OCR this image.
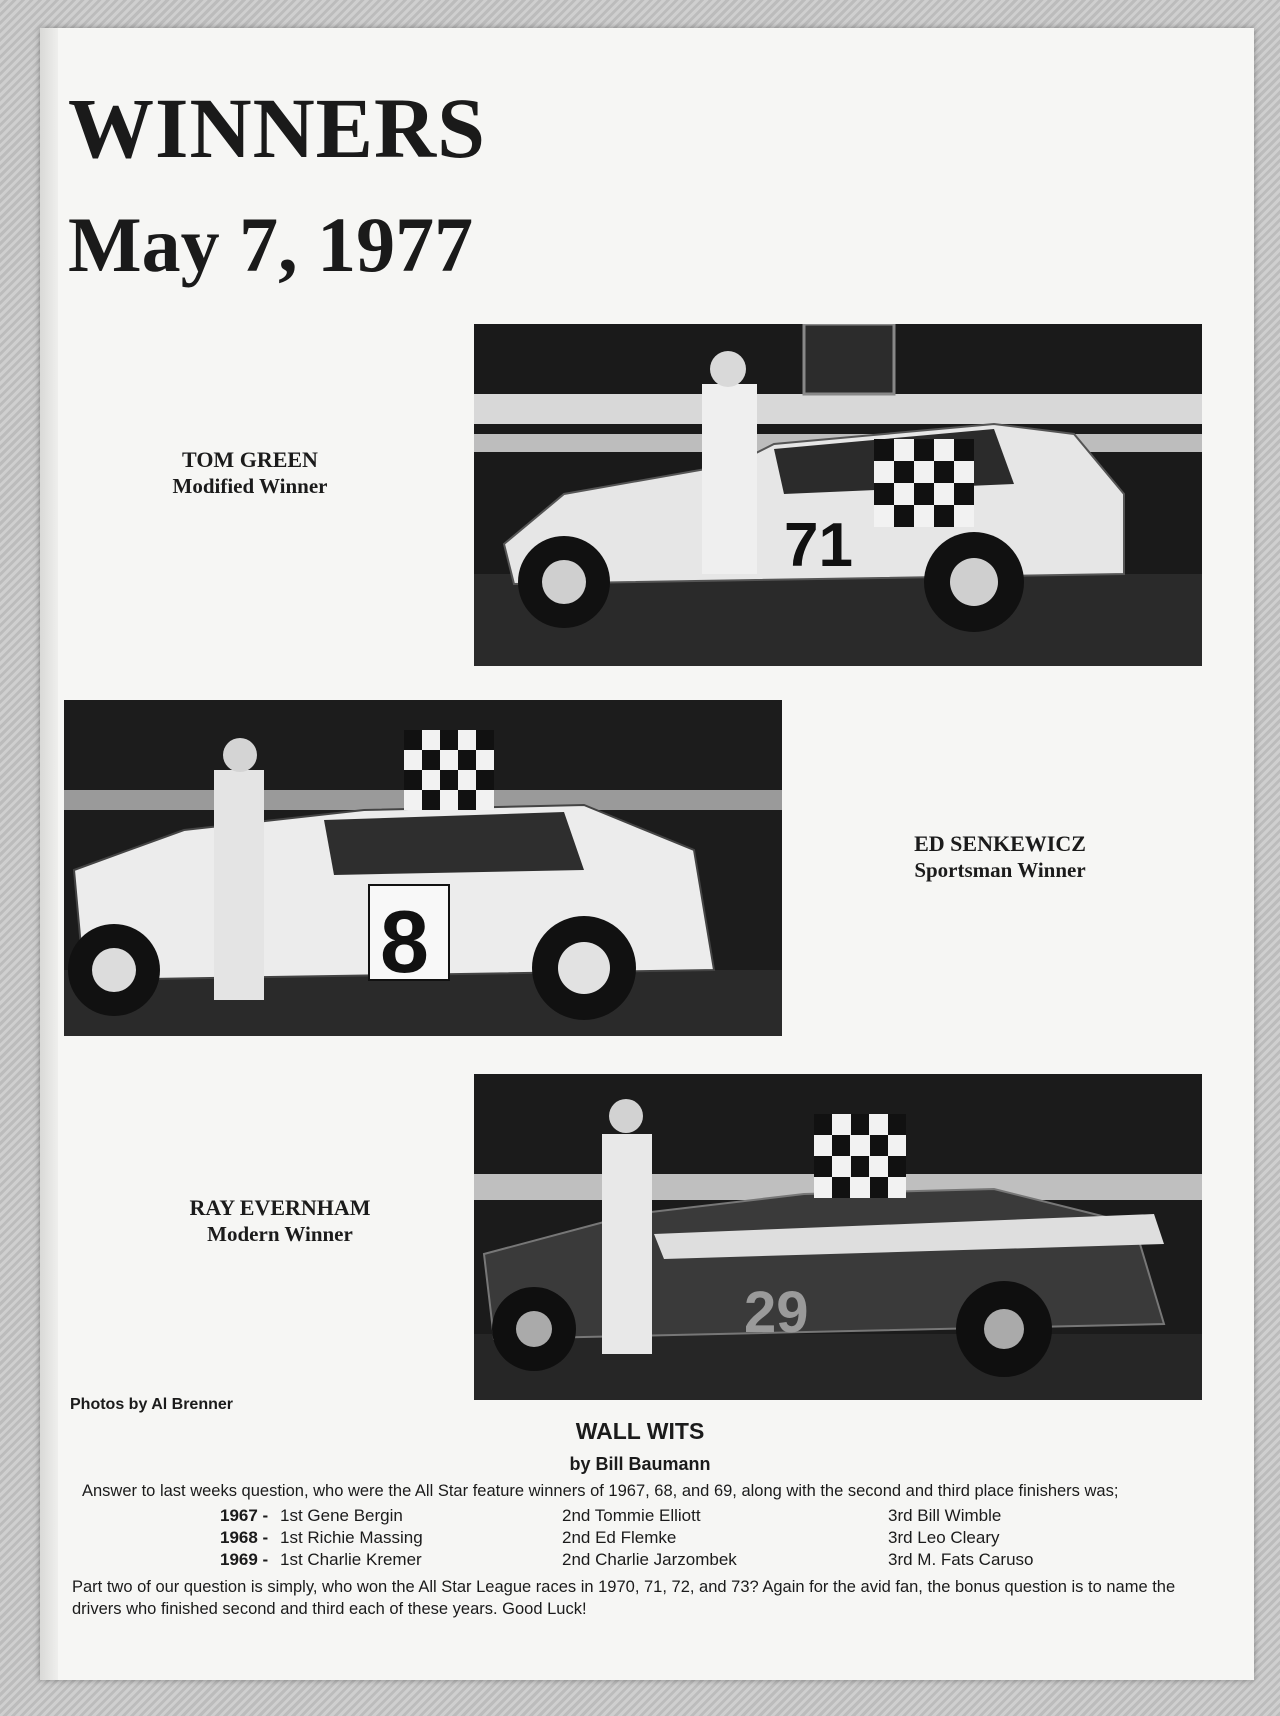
WINNERS
May 7, 1977
71
TOM GREEN
Modified Winner
8
ED SENKEWICZ
Sportsman Winner
29
RAY EVERNHAM
Modern Winner
Photos by Al Brenner
WALL WITS
by Bill Baumann
Answer to last weeks question, who were the All Star feature winners of 1967, 68, and 69, along with the second and third place finishers was;
1967 - 1st Gene Bergin	2nd Tommie Elliott	3rd Bill Wimble
1968 - 1st Richie Massing	2nd Ed Flemke	3rd Leo Cleary
1969 - 1st Charlie Kremer	2nd Charlie Jarzombek	3rd M. Fats Caruso
Part two of our question is simply, who won the All Star League races in 1970, 71, 72, and 73? Again for the avid fan, the bonus question is to name the drivers who finished second and third each of these years. Good Luck!
